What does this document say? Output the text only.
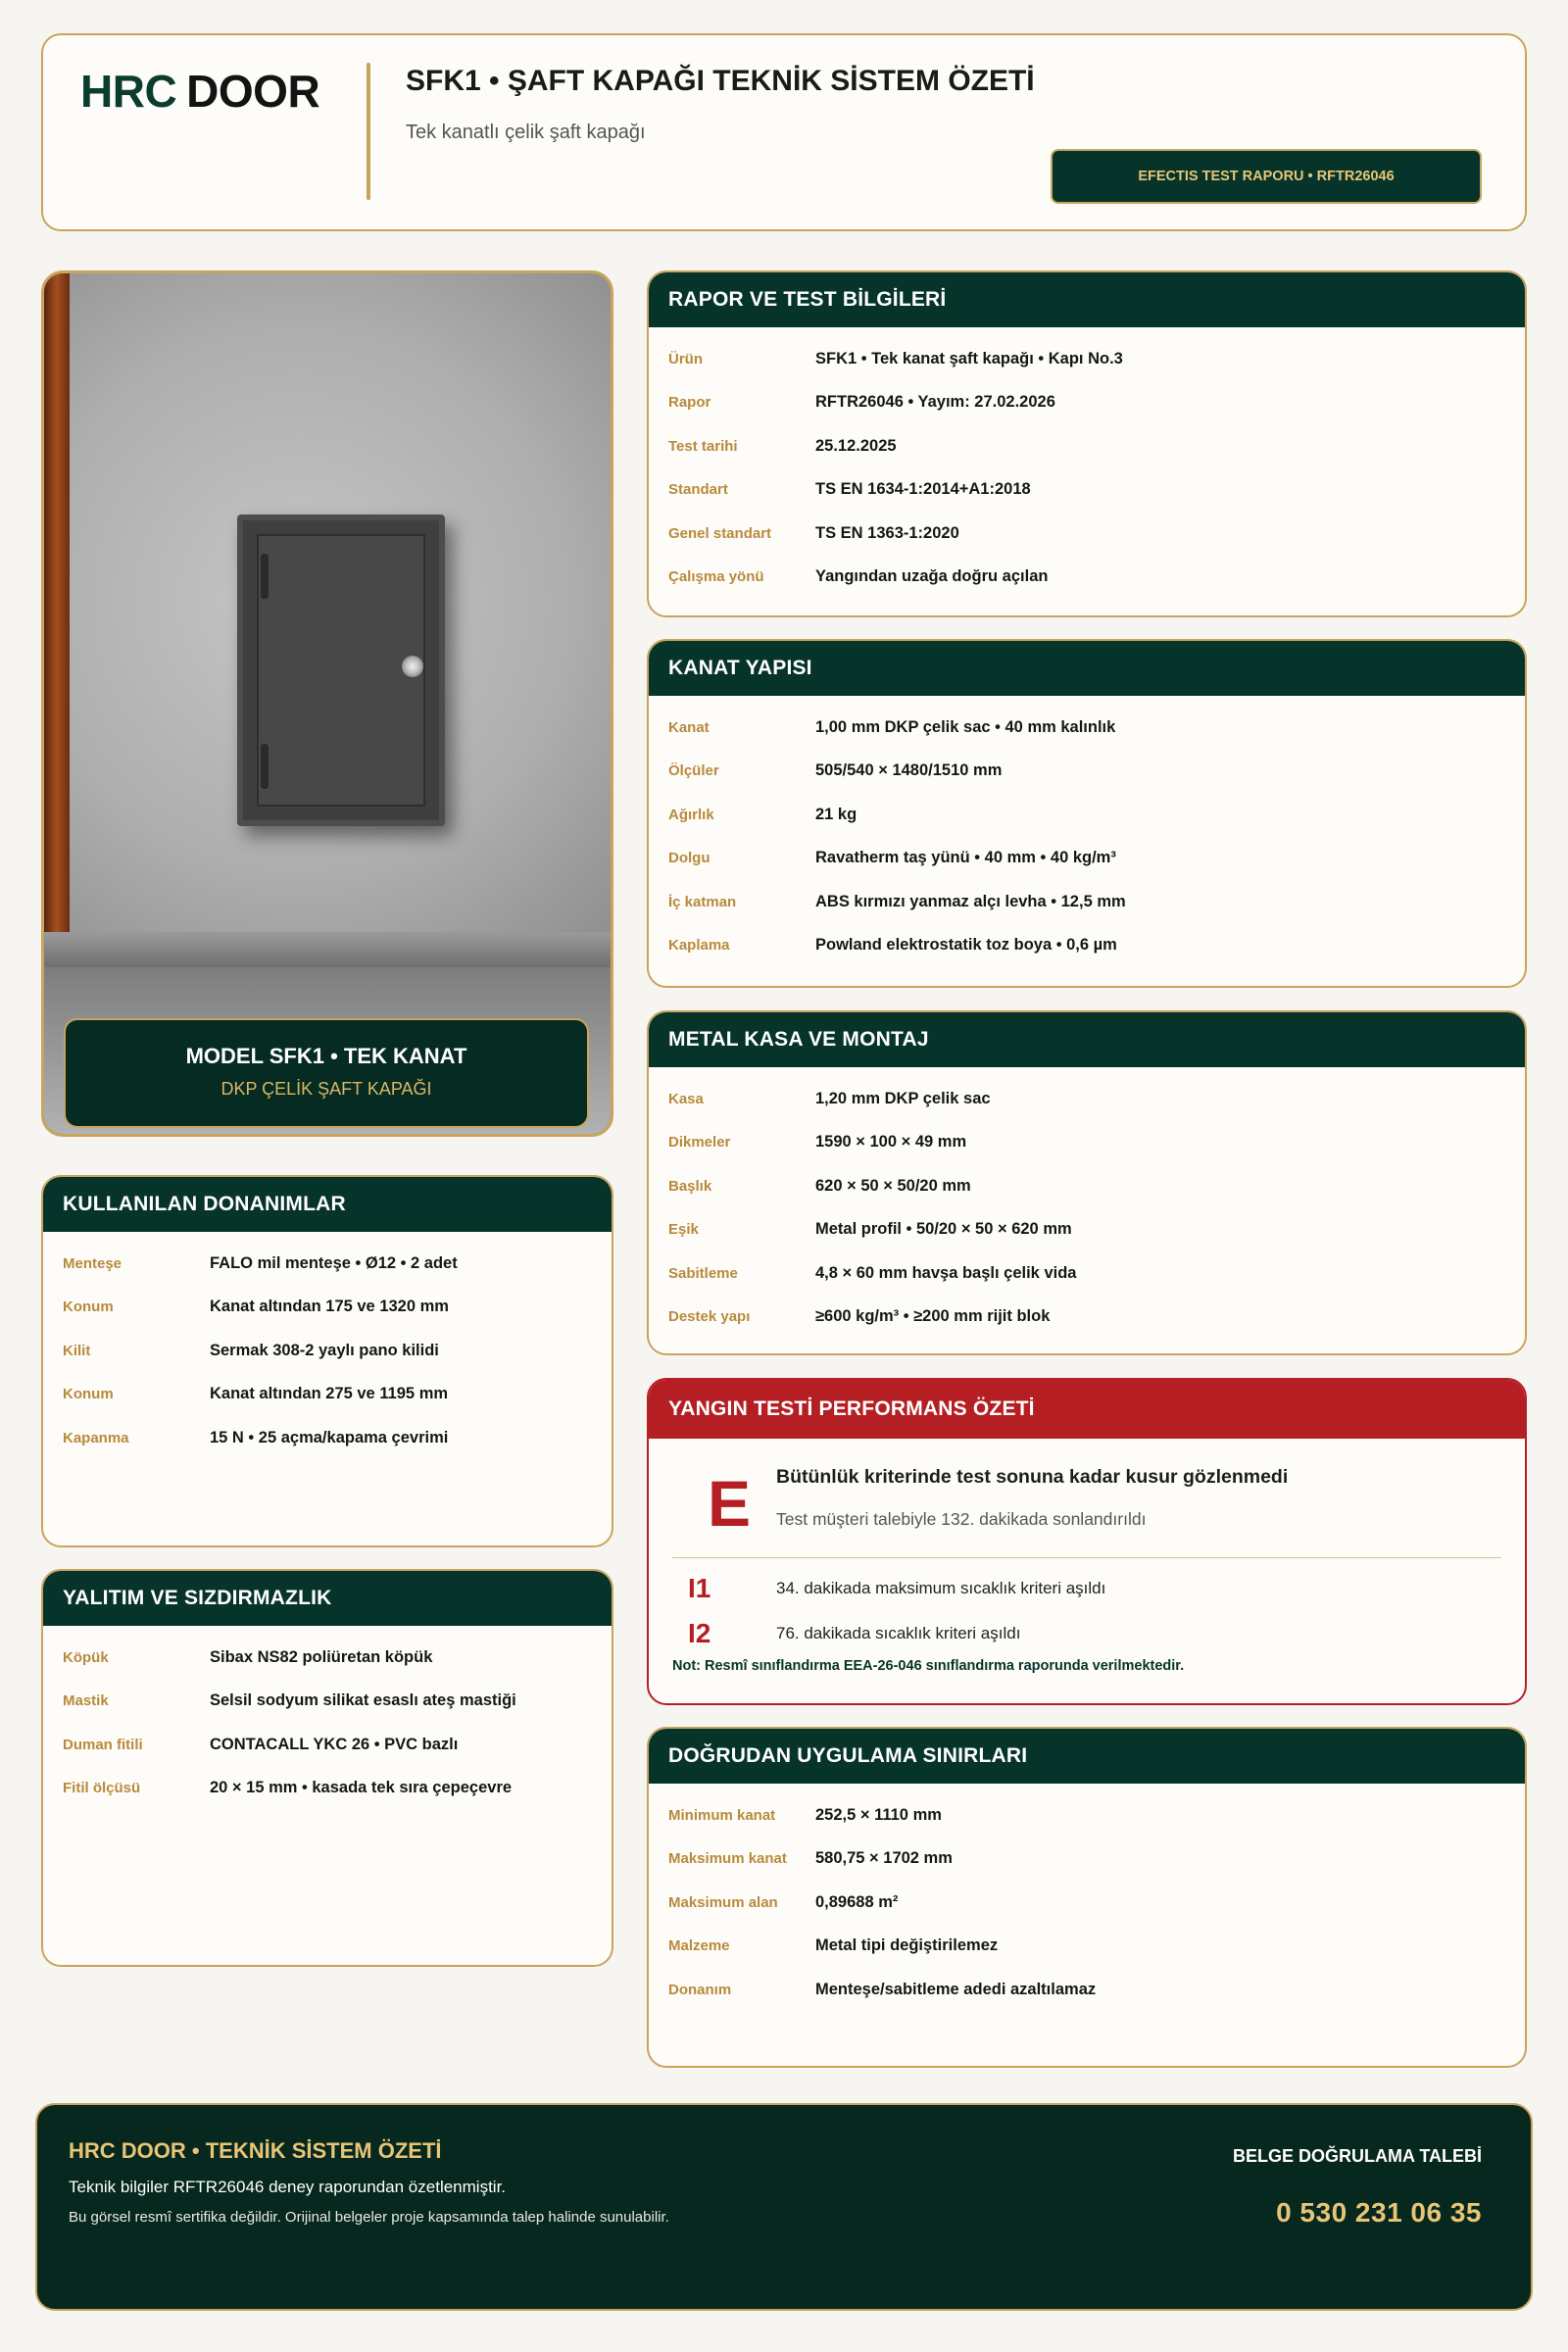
HRC DOOR	SFK1 • ŞAFT KAPAĞI TEKNİK SİSTEM ÖZETİ
Tek kanatlı çelik şaft kapağı
EFECTIS TEST RAPORU • RFTR26046
MODEL SFK1 • TEK KANAT
DKP ÇELİK ŞAFT KAPAĞI
RAPOR VE TEST BİLGİLERİ
Ürün	SFK1 • Tek kanat şaft kapağı • Kapı No.3
Rapor	RFTR26046 • Yayım: 27.02.2026
Test tarihi	25.12.2025
Standart	TS EN 1634-1:2014+A1:2018
Genel standart	TS EN 1363-1:2020
Çalışma yönü	Yangından uzağa doğru açılan
KANAT YAPISI
Kanat	1,00 mm DKP çelik sac • 40 mm kalınlık
Ölçüler	505/540 × 1480/1510 mm
Ağırlık	21 kg
Dolgu	Ravatherm taş yünü • 40 mm • 40 kg/m³
İç katman	ABS kırmızı yanmaz alçı levha • 12,5 mm
Kaplama	Powland elektrostatik toz boya • 0,6 µm
METAL KASA VE MONTAJ
Kasa	1,20 mm DKP çelik sac
Dikmeler	1590 × 100 × 49 mm
Başlık	620 × 50 × 50/20 mm
Eşik	Metal profil • 50/20 × 50 × 620 mm
Sabitleme	4,8 × 60 mm havşa başlı çelik vida
Destek yapı	≥600 kg/m³ • ≥200 mm rijit blok
KULLANILAN DONANIMLAR
Menteşe	FALO mil menteşe • Ø12 • 2 adet
Konum	Kanat altından 175 ve 1320 mm
Kilit	Sermak 308-2 yaylı pano kilidi
Konum	Kanat altından 275 ve 1195 mm
Kapanma	15 N • 25 açma/kapama çevrimi
YALITIM VE SIZDIRMAZLIK
Köpük	Sibax NS82 poliüretan köpük
Mastik	Selsil sodyum silikat esaslı ateş mastiği
Duman fitili	CONTACALL YKC 26 • PVC bazlı
Fitil ölçüsü	20 × 15 mm • kasada tek sıra çepeçevre
YANGIN TESTİ PERFORMANS ÖZETİ
E Bütünlük kriterinde test sonuna kadar kusur gözlenmedi
Test müşteri talebiyle 132. dakikada sonlandırıldı
I1	34. dakikada maksimum sıcaklık kriteri aşıldı
I2	76. dakikada sıcaklık kriteri aşıldı
Not: Resmî sınıflandırma EEA-26-046 sınıflandırma raporunda verilmektedir.
DOĞRUDAN UYGULAMA SINIRLARI
Minimum kanat	252,5 × 1110 mm
Maksimum kanat	580,75 × 1702 mm
Maksimum alan	0,89688 m²
Malzeme	Metal tipi değiştirilemez
Donanım	Menteşe/sabitleme adedi azaltılamaz
HRC DOOR • TEKNİK SİSTEM ÖZETİ
Teknik bilgiler RFTR26046 deney raporundan özetlenmiştir.
Bu görsel resmî sertifika değildir. Orijinal belgeler proje kapsamında talep halinde sunulabilir.
BELGE DOĞRULAMA TALEBİ
0 530 231 06 35
